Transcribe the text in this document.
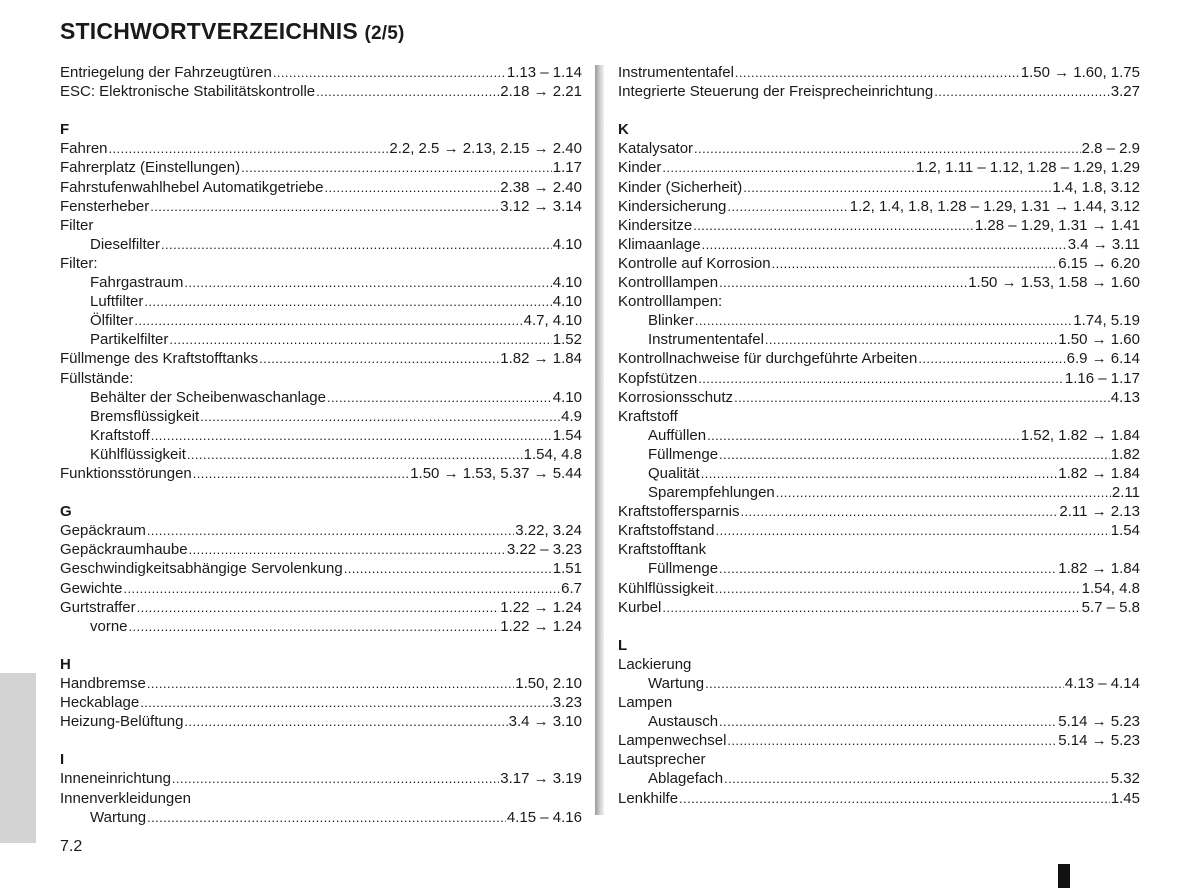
STICHWORTVERZEICHNIS (2/5)
Entriegelung der Fahrzeugtüren .....	1.13 – 1.14
ESC: Elektronische Stabilitätskontrolle .....	2.18 → 2.21
F
Fahren .....	2.2, 2.5 → 2.13, 2.15 → 2.40
Fahrerplatz (Einstellungen) .....	1.17
Fahrstufenwahlhebel Automatikgetriebe .....	2.38 → 2.40
Fensterheber .....	3.12 → 3.14
Filter
Dieselfilter .....	4.10
Filter:
Fahrgastraum .....	4.10
Luftfilter .....	4.10
Ölfilter .....	4.7, 4.10
Partikelfilter .....	1.52
Füllmenge des Kraftstofftanks .....	1.82 → 1.84
Füllstände:
Behälter der Scheibenwaschanlage .....	4.10
Bremsflüssigkeit .....	4.9
Kraftstoff .....	1.54
Kühlflüssigkeit .....	1.54, 4.8
Funktionsstörungen .....	1.50 → 1.53, 5.37 → 5.44
G
Gepäckraum .....	3.22, 3.24
Gepäckraumhaube .....	3.22 – 3.23
Geschwindigkeitsabhängige Servolenkung .....	1.51
Gewichte .....	6.7
Gurtstraffer .....	1.22 → 1.24
vorne .....	1.22 → 1.24
H
Handbremse .....	1.50, 2.10
Heckablage .....	3.23
Heizung-Belüftung .....	3.4 → 3.10
I
Inneneinrichtung .....	3.17 → 3.19
Innenverkleidungen
Wartung .....	4.15 – 4.16
Instrumententafel .....	1.50 → 1.60, 1.75
Integrierte Steuerung der Freisprecheinrichtung .....	3.27
K
Katalysator .....	2.8 – 2.9
Kinder .....	1.2, 1.11 – 1.12, 1.28 – 1.29, 1.29
Kinder (Sicherheit) .....	1.4, 1.8, 3.12
Kindersicherung .....	1.2, 1.4, 1.8, 1.28 – 1.29, 1.31 → 1.44, 3.12
Kindersitze .....	1.28 – 1.29, 1.31 → 1.41
Klimaanlage .....	3.4 → 3.11
Kontrolle auf Korrosion .....	6.15 → 6.20
Kontrolllampen .....	1.50 → 1.53, 1.58 → 1.60
Kontrolllampen:
Blinker .....	1.74, 5.19
Instrumententafel .....	1.50 → 1.60
Kontrollnachweise für durchgeführte Arbeiten .....	6.9 → 6.14
Kopfstützen .....	1.16 – 1.17
Korrosionsschutz .....	4.13
Kraftstoff
Auffüllen .....	1.52, 1.82 → 1.84
Füllmenge .....	1.82
Qualität .....	1.82 → 1.84
Sparempfehlungen .....	2.11
Kraftstoffersparnis .....	2.11 → 2.13
Kraftstoffstand .....	1.54
Kraftstofftank
Füllmenge .....	1.82 → 1.84
Kühlflüssigkeit .....	1.54, 4.8
Kurbel .....	5.7 – 5.8
L
Lackierung
Wartung .....	4.13 – 4.14
Lampen
Austausch .....	5.14 → 5.23
Lampenwechsel .....	5.14 → 5.23
Lautsprecher
Ablagefach .....	5.32
Lenkhilfe .....	1.45
7.2
